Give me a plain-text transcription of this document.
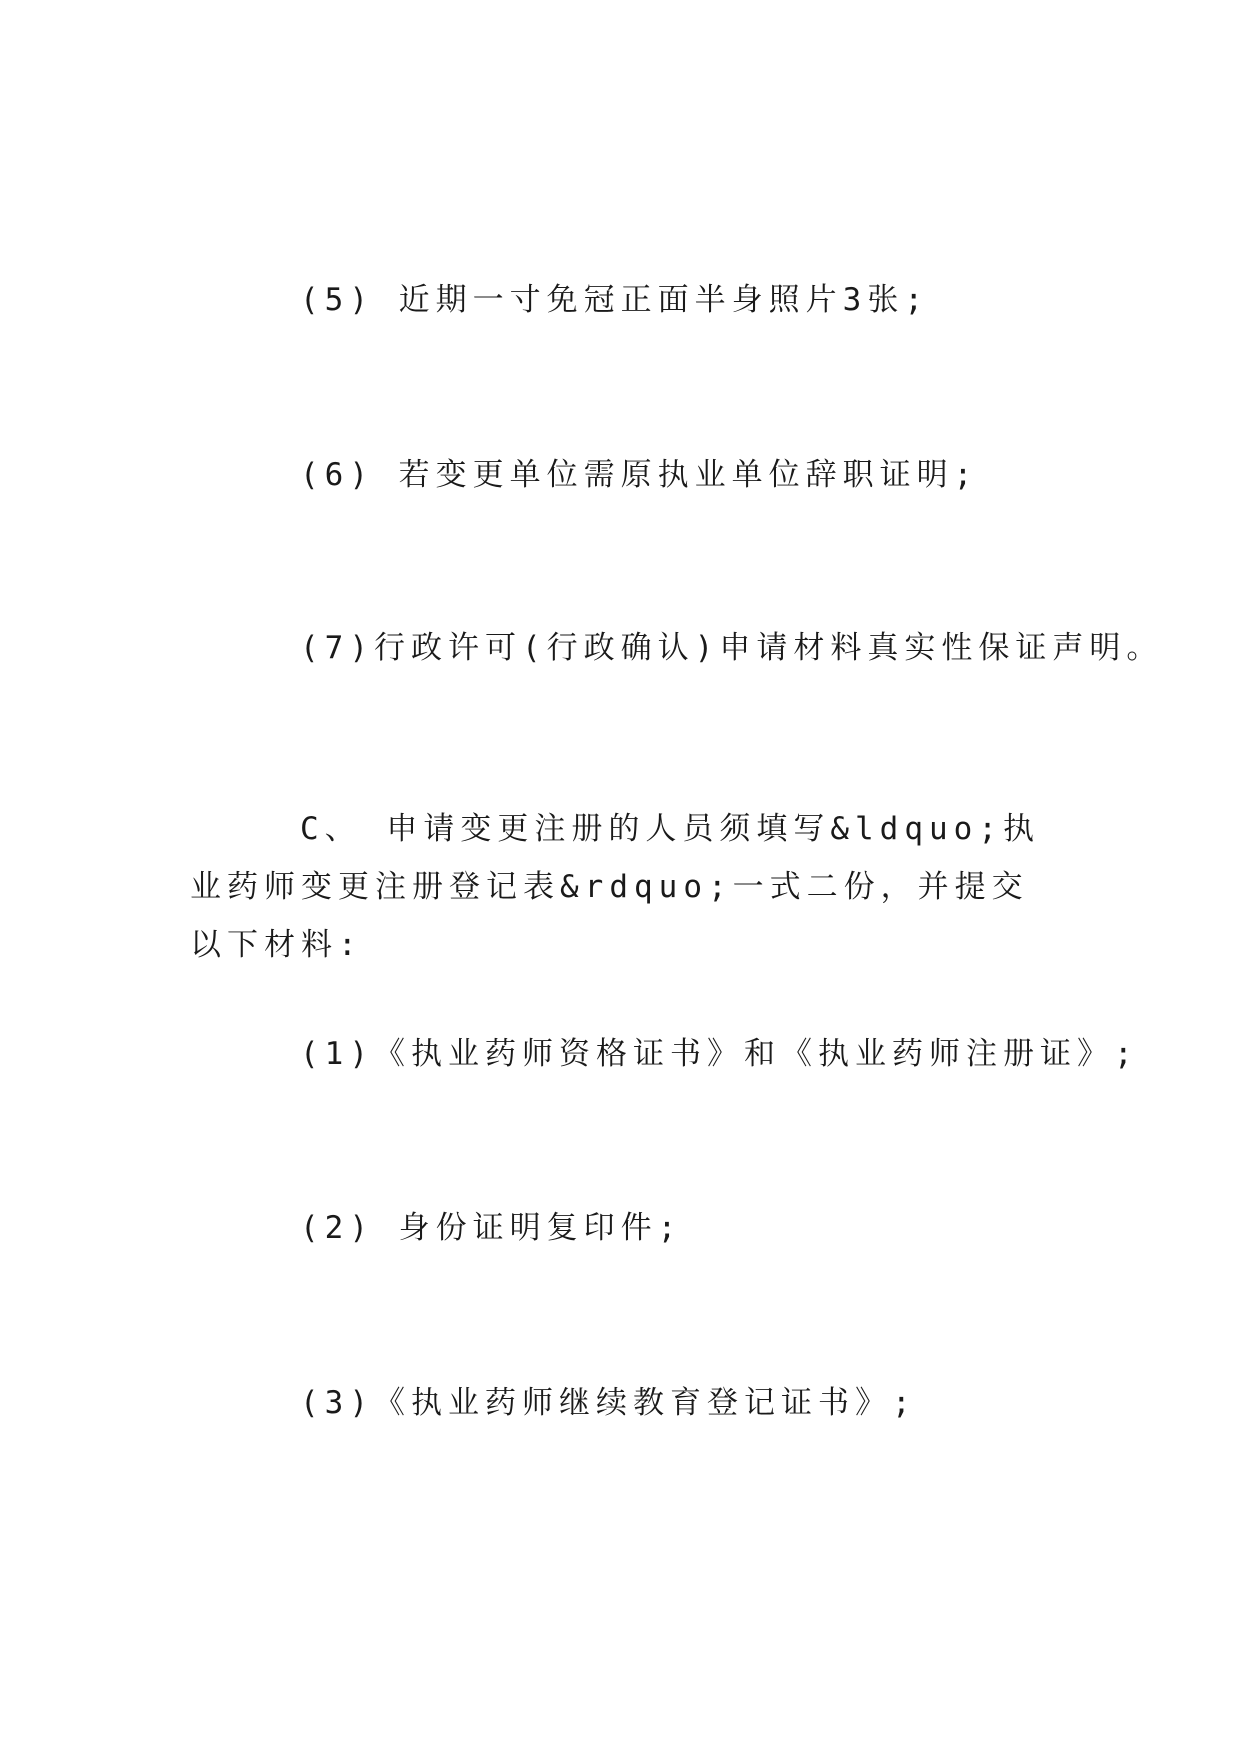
(5) 近期一寸免冠正面半身照片3张;
(6) 若变更单位需原执业单位辞职证明;
(7)行政许可(行政确认)申请材料真实性保证声明。
C、 申请变更注册的人员须填写&ldquo;执业药师变更注册登记表&rdquo;一式二份，并提交以下材料:
(1)《执业药师资格证书》和《执业药师注册证》;
(2) 身份证明复印件;
(3)《执业药师继续教育登记证书》;
